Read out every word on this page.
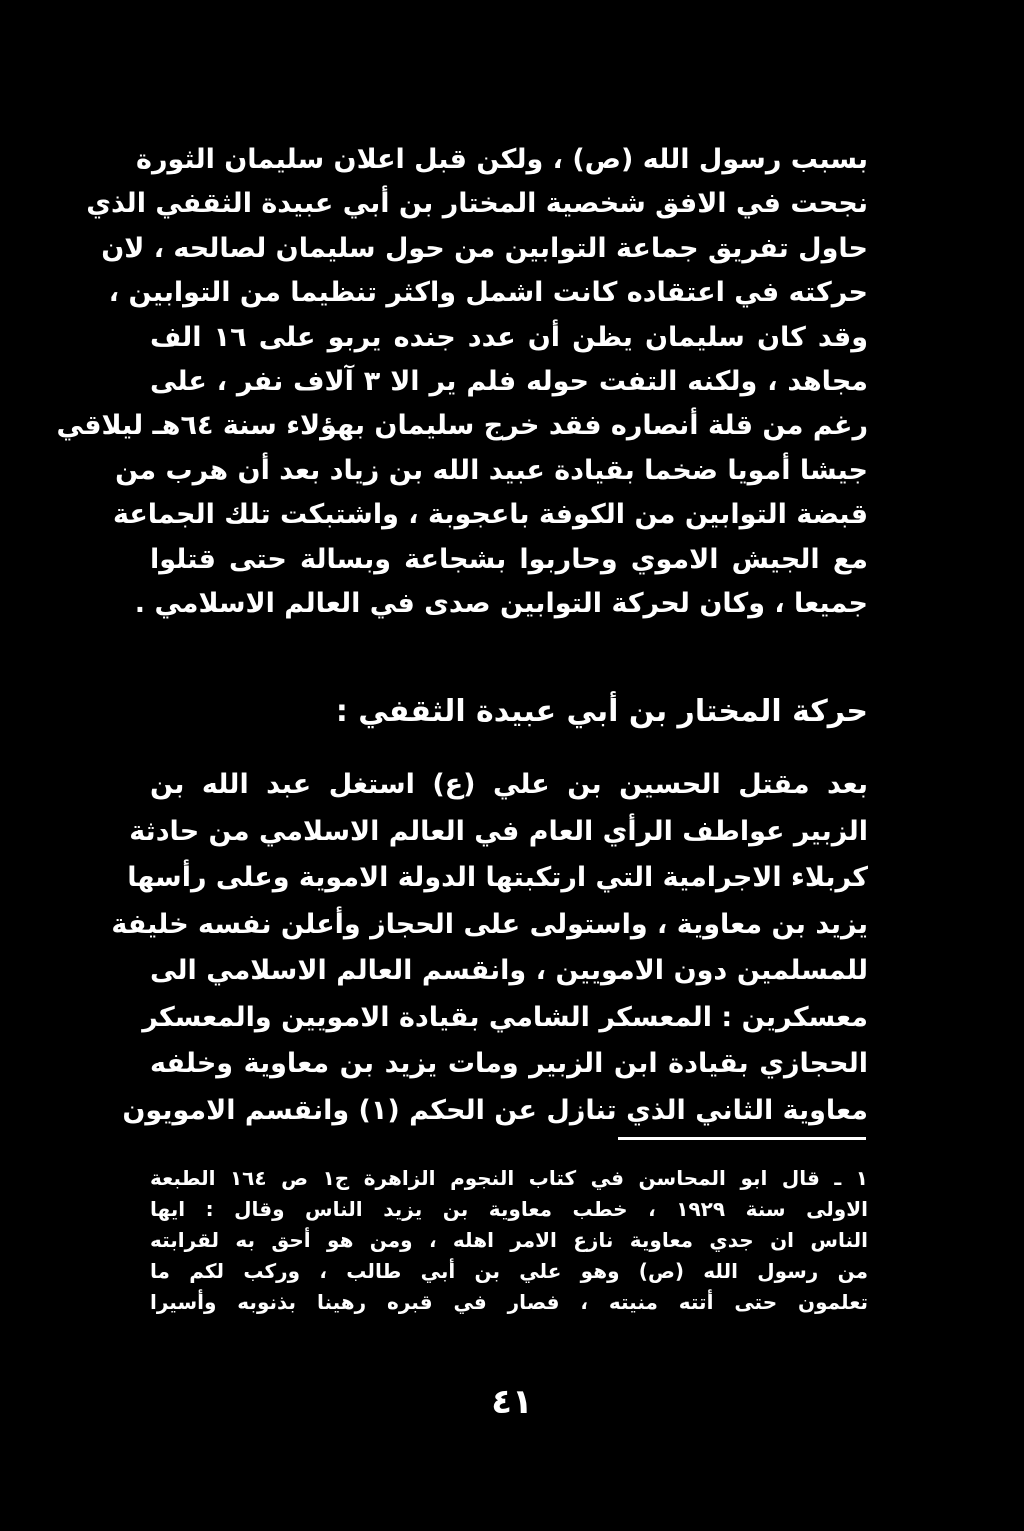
بسبب رسول الله (ص) ، ولكن قبل اعلان سليمان الثورة
نجحت في الافق شخصية المختار بن أبي عبيدة الثقفي الذي
حاول تفريق جماعة التوابين من حول سليمان لصالحه ، لان
حركته في اعتقاده كانت اشمل واكثر تنظيما من التوابين ،
وقد كان سليمان يظن أن عدد جنده يربو على ١٦ الف
مجاهد ، ولكنه التفت حوله فلم ير الا ٣ آلاف نفر ، على
رغم من قلة أنصاره فقد خرج سليمان بهؤلاء سنة ٦٤هـ ليلاقي
جيشا أمويا ضخما بقيادة عبيد الله بن زياد بعد أن هرب من
قبضة التوابين من الكوفة باعجوبة ، واشتبكت تلك الجماعة
مع الجيش الاموي وحاربوا بشجاعة وبسالة حتى قتلوا
جميعا ، وكان لحركة التوابين صدى في العالم الاسلامي .
حركة المختار بن أبي عبيدة الثقفي :
بعد مقتل الحسين بن علي (ع) استغل عبد الله بن
الزبير عواطف الرأي العام في العالم الاسلامي من حادثة
كربلاء الاجرامية التي ارتكبتها الدولة الاموية وعلى رأسها
يزيد بن معاوية ، واستولى على الحجاز وأعلن نفسه خليفة
للمسلمين دون الامويين ، وانقسم العالم الاسلامي الى
معسكرين : المعسكر الشامي بقيادة الامويين والمعسكر
الحجازي بقيادة ابن الزبير ومات يزيد بن معاوية وخلفه
معاوية الثاني الذي تنازل عن الحكم (١) وانقسم الامويون
١ ـ قال ابو المحاسن في كتاب النجوم الزاهرة ج١ ص ١٦٤ الطبعة
الاولى سنة ١٩٢٩ ، خطب معاوية بن يزيد الناس وقال : ايها
الناس ان جدي معاوية نازع الامر اهله ، ومن هو أحق به لقرابته
من رسول الله (ص) وهو علي بن أبي طالب ، وركب لكم ما
تعلمون حتى أتته منيته ، فصار في قبره رهينا بذنوبه وأسيرا
٤١
